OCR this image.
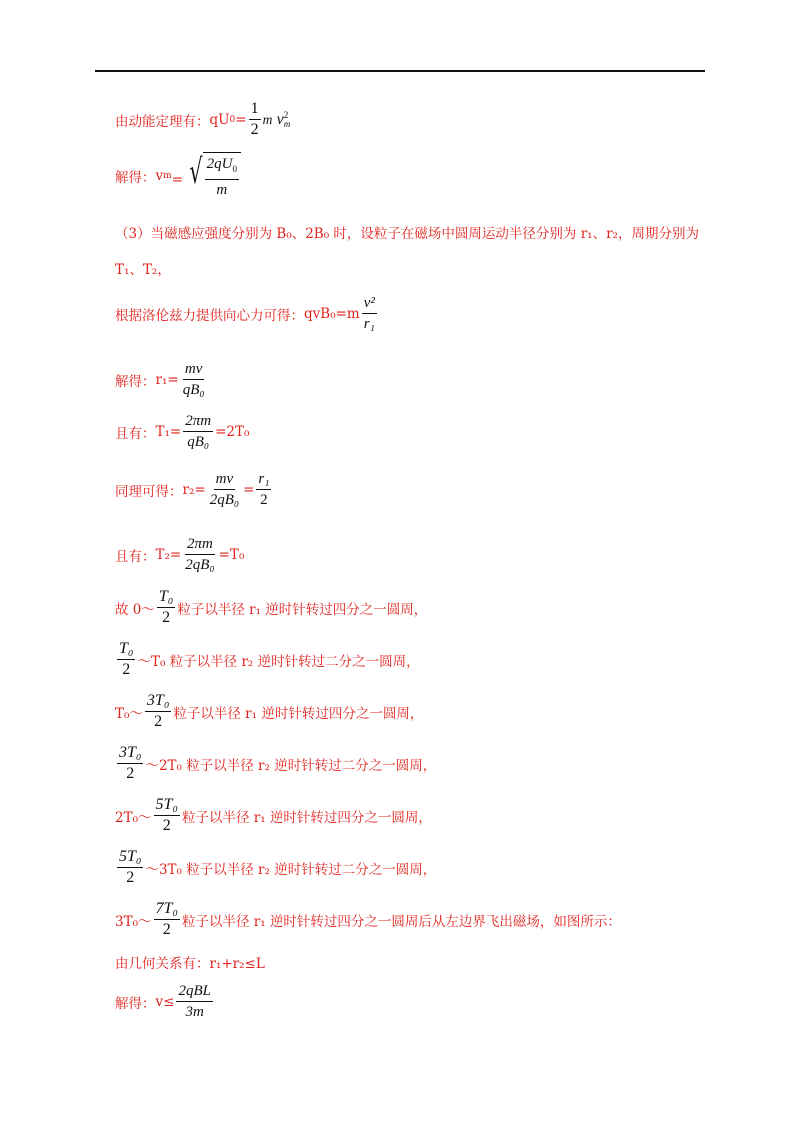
由动能定理有： qU $0 = \frac{1}{2}$ m
v 2
m
解得： v m = √ $\frac{2qU_0}{m}$
（3）当磁感应强度分别为 B₀、2B₀ 时，设粒子在磁场中圆周运动半径分别为 r₁、r₂，周期分别为
T₁、T₂，
根据洛伦兹力提供向心力可得： $qvB_0=m \frac{\text{v²}}{\text{r₁}}$
解得： $r_1= \frac{mv}{\text{qB₀}}$
且有： $T_1= \frac{2\pi m}{\text{qB₀}} =2T_0$
同理可得： $r_2= \frac{mv}{\text{2qB₀}} = \frac{\text{r₁}}{2}$
且有： $T_2= \frac{2\pi m}{\text{2qB₀}} =T_0$
故 0～ $\frac{\text{T₀}}{2}$ 粒子以半径 r₁ 逆时针转过四分之一圆周，
$\frac{\text{T₀}}{2}$ ～T₀ 粒子以半径 r₂ 逆时针转过二分之一圆周，
T₀～ $\frac{\text{3T₀}}{2}$ 粒子以半径 r₁ 逆时针转过四分之一圆周，
$\frac{\text{3T₀}}{2}$ ～2T₀ 粒子以半径 r₂ 逆时针转过二分之一圆周，
2T₀～ $\frac{\text{5T₀}}{2}$ 粒子以半径 r₁ 逆时针转过四分之一圆周，
$\frac{\text{5T₀}}{2}$ ～3T₀ 粒子以半径 r₂ 逆时针转过二分之一圆周，
3T₀～ $\frac{\text{7T₀}}{2}$ 粒子以半径 r₁ 逆时针转过四分之一圆周后从左边界飞出磁场，如图所示：
由几何关系有：r₁+r₂≤L
解得： $v\le \frac{\text{2qBL}}{3m}$
